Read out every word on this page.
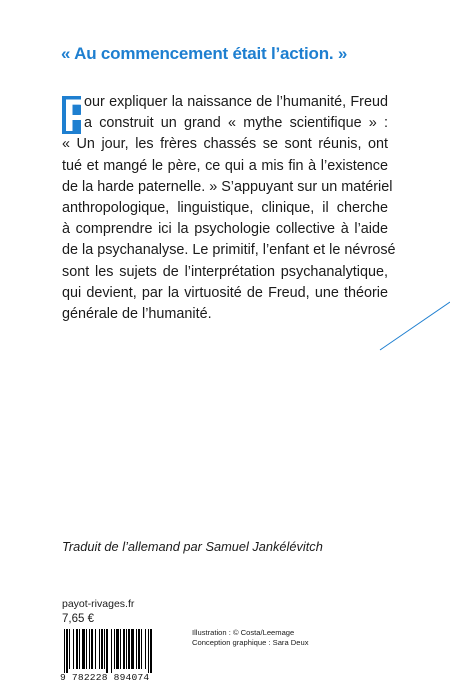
« Au commencement était l’action. »
P
our expliquer la naissance de l’humanité, Freud
a construit un grand « mythe scientifique » :
« Un jour, les frères chassés se sont réunis, ont
tué et mangé le père, ce qui a mis fin à l’existence
de la harde paternelle. » S’appuyant sur un matériel
anthropologique, linguistique, clinique, il cherche
à comprendre ici la psychologie collective à l’aide
de la psychanalyse. Le primitif, l’enfant et le névrosé
sont les sujets de l’interprétation psychanalytique,
qui devient, par la virtuosité de Freud, une théorie
générale de l’humanité.
Traduit de l’allemand par Samuel Jankélévitch
payot-rivages.fr
7,65 €
9 782228 894074
Illustration : © Costa/Leemage
Conception graphique : Sara Deux
